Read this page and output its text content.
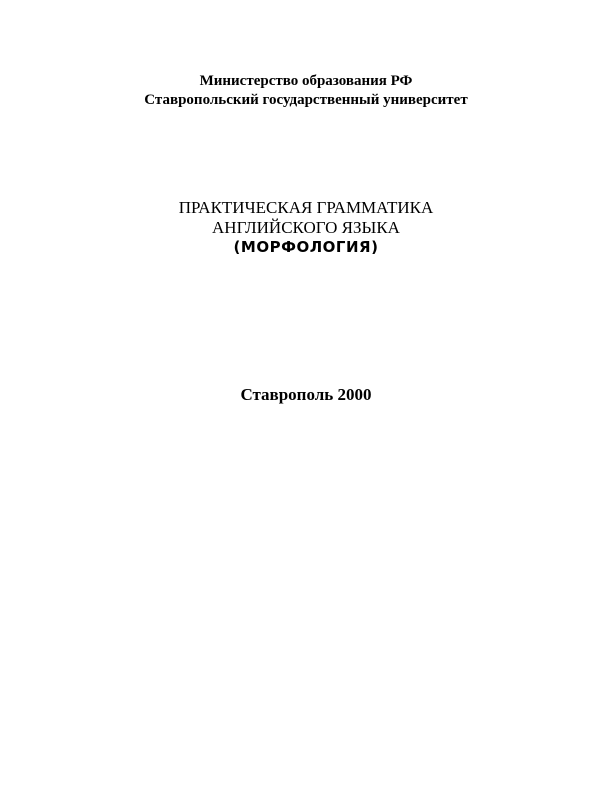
Министерство образования РФ
Ставропольский государственный университет
ПРАКТИЧЕСКАЯ ГРАММАТИКА
АНГЛИЙСКОГО ЯЗЫКА
(МОРФОЛОГИЯ)
Ставрополь 2000
